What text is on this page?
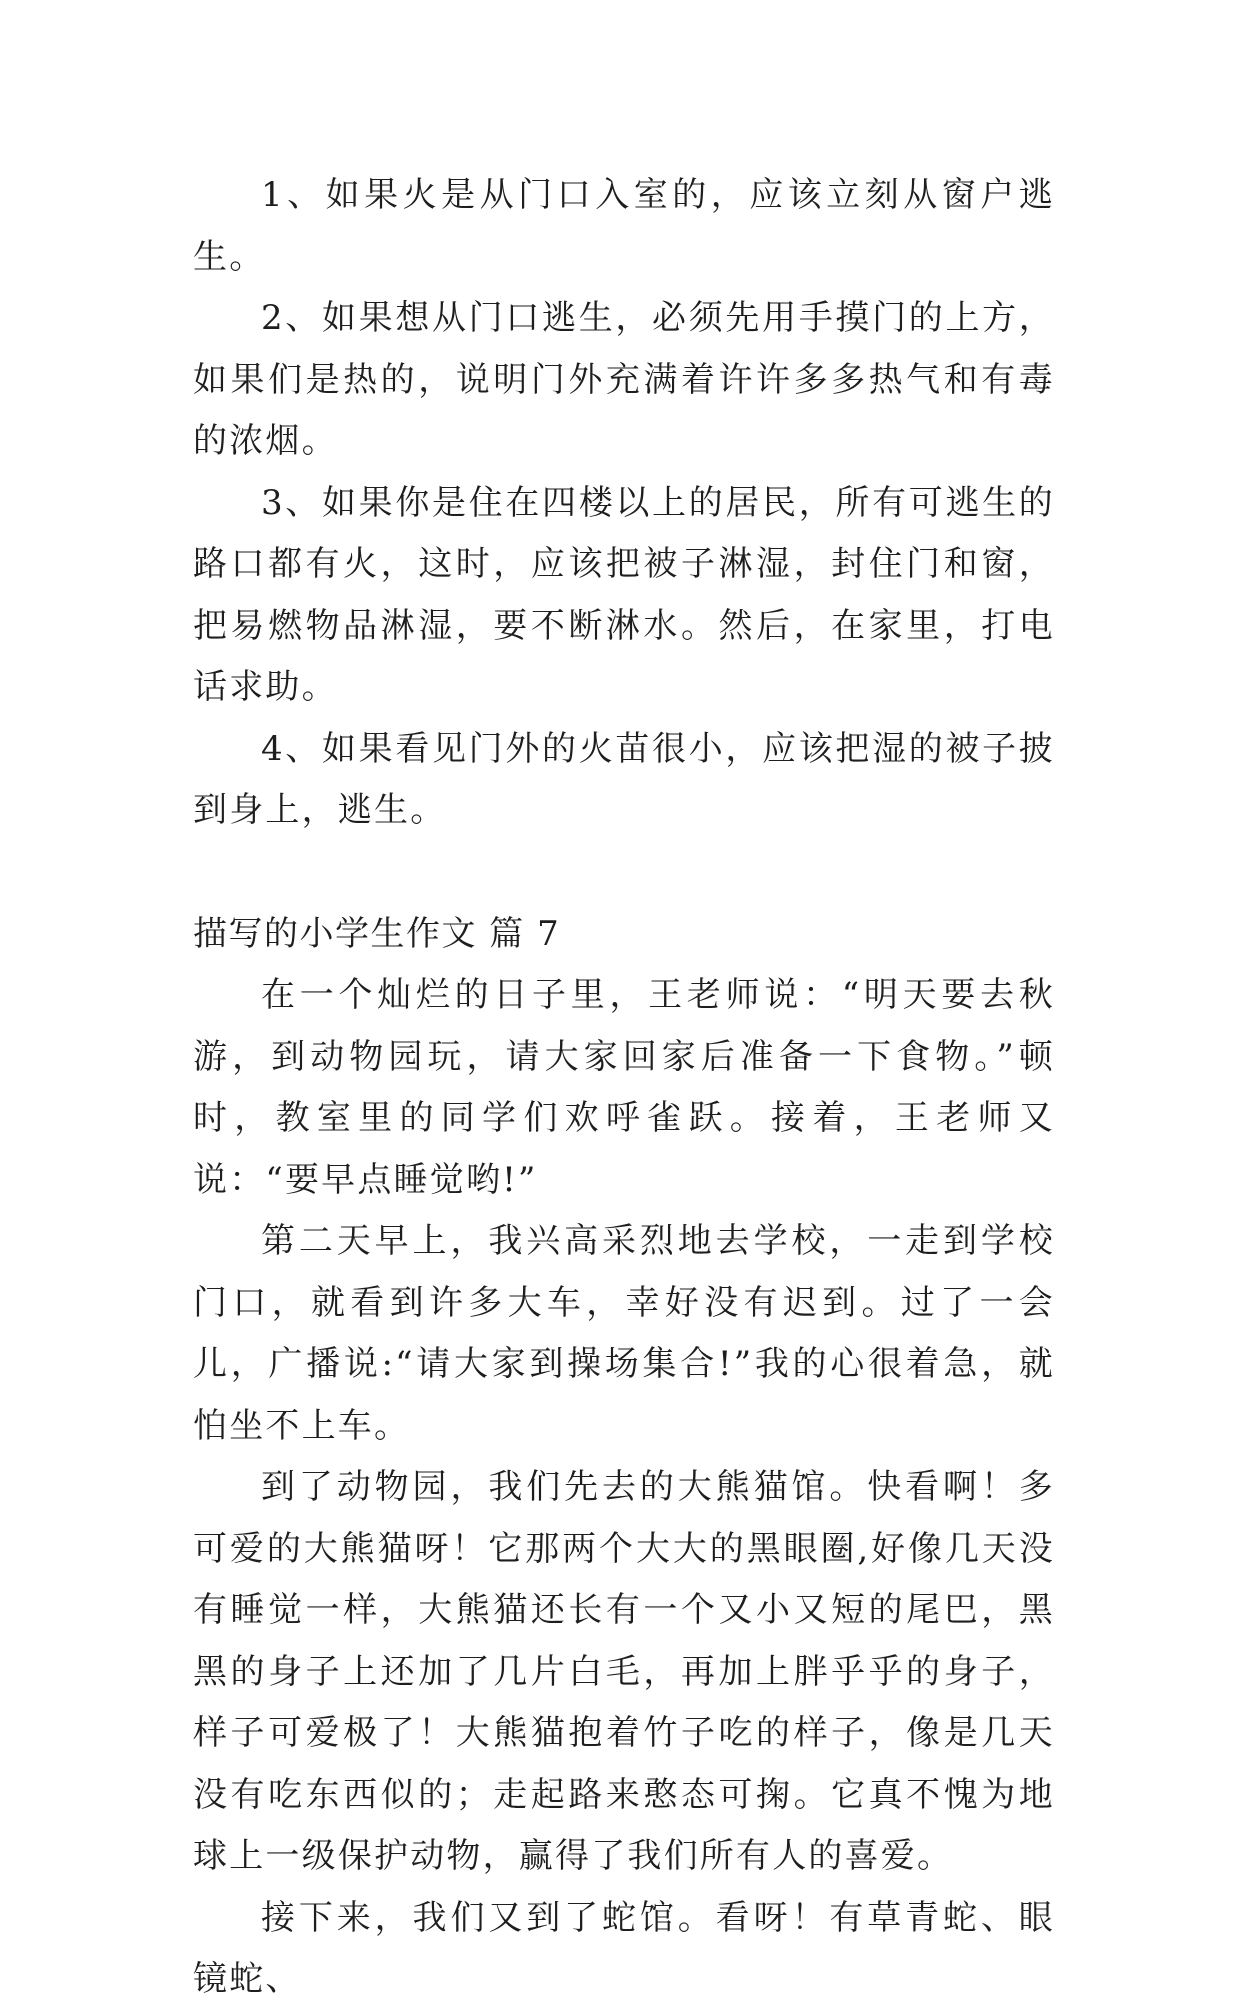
1、如果火是从门口入室的，应该立刻从窗户逃生。

2、如果想从门口逃生，必须先用手摸门的上方，如果们是热的，说明门外充满着许许多多热气和有毒的浓烟。

3、如果你是住在四楼以上的居民，所有可逃生的路口都有火，这时，应该把被子淋湿，封住门和窗，把易燃物品淋湿，要不断淋水。然后，在家里，打电话求助。

4、如果看见门外的火苗很小，应该把湿的被子披到身上，逃生。

描写的小学生作文 篇 7

在一个灿烂的日子里，王老师说：“明天要去秋游，到动物园玩，请大家回家后准备一下食物。”顿时，教室里的同学们欢呼雀跃。接着，王老师又说：“要早点睡觉哟!”

第二天早上，我兴高采烈地去学校，一走到学校门口，就看到许多大车，幸好没有迟到。过了一会儿，广播说:“请大家到操场集合!”我的心很着急，就怕坐不上车。

到了动物园，我们先去的大熊猫馆。快看啊！多可爱的大熊猫呀！它那两个大大的黑眼圈,好像几天没有睡觉一样，大熊猫还长有一个又小又短的尾巴，黑黑的身子上还加了几片白毛，再加上胖乎乎的身子，样子可爱极了！大熊猫抱着竹子吃的样子，像是几天没有吃东西似的；走起路来憨态可掬。它真不愧为地球上一级保护动物，赢得了我们所有人的喜爱。

接下来，我们又到了蛇馆。看呀！有草青蛇、眼镜蛇、
